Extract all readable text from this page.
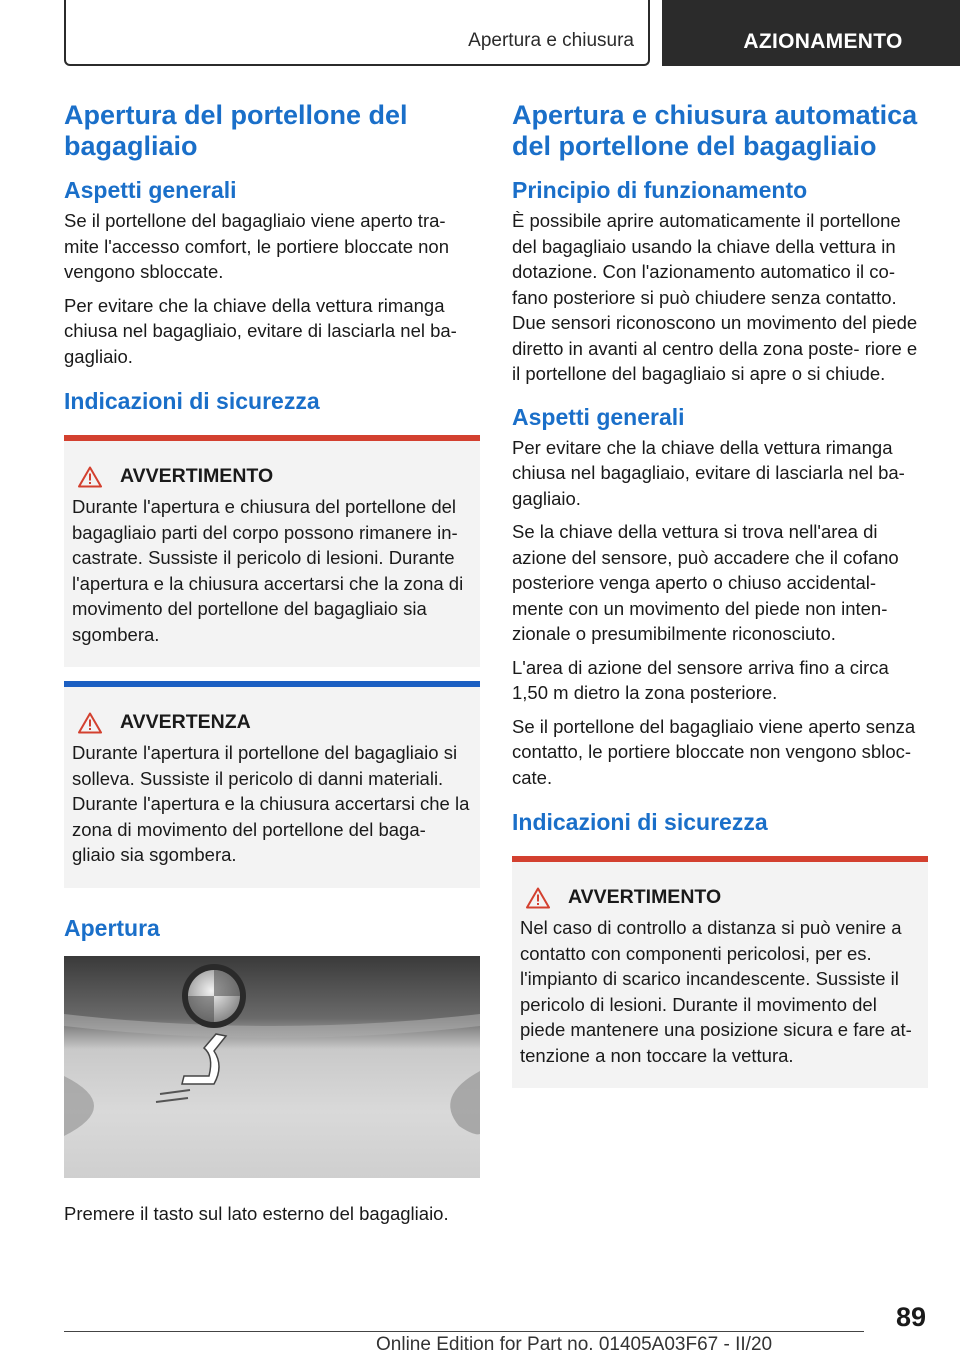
Apertura e chiusura	AZIONAMENTO
Apertura del portellone del bagagliaio
Aspetti generali

Se il portellone del bagagliaio viene aperto tra- mite l'accesso comfort, le portiere bloccate non vengono sbloccate.

Per evitare che la chiave della vettura rimanga chiusa nel bagagliaio, evitare di lasciarla nel ba- gagliaio.

Indicazioni di sicurezza
AVVERTIMENTO

Durante l'apertura e chiusura del portellone del bagagliaio parti del corpo possono rimanere in- castrate. Sussiste il pericolo di lesioni. Durante l'apertura e la chiusura accertarsi che la zona di movimento del portellone del bagagliaio sia sgombera.

AVVERTENZA

Durante l'apertura il portellone del bagagliaio si solleva. Sussiste il pericolo di danni materiali. Durante l'apertura e la chiusura accertarsi che la zona di movimento del portellone del baga- gliaio sia sgombera.

Apertura

Premere il tasto sul lato esterno del bagagliaio.

Apertura e chiusura automatica del portellone del bagagliaio
Principio di funzionamento

È possibile aprire automaticamente il portellone del bagagliaio usando la chiave della vettura in dotazione. Con l'azionamento automatico il co- fano posteriore si può chiudere senza contatto. Due sensori riconoscono un movimento del piede diretto in avanti al centro della zona poste- riore e il portellone del bagagliaio si apre o si chiude.

Aspetti generali

Per evitare che la chiave della vettura rimanga chiusa nel bagagliaio, evitare di lasciarla nel ba- gagliaio.

Se la chiave della vettura si trova nell'area di azione del sensore, può accadere che il cofano posteriore venga aperto o chiuso accidental- mente con un movimento del piede non inten- zionale o presumibilmente riconosciuto.

L'area di azione del sensore arriva fino a circa 1,50 m dietro la zona posteriore.

Se il portellone del bagagliaio viene aperto senza contatto, le portiere bloccate non vengono sbloc- cate.

Indicazioni di sicurezza
AVVERTIMENTO

Nel caso di controllo a distanza si può venire a contatto con componenti pericolosi, per es. l'impianto di scarico incandescente. Sussiste il pericolo di lesioni. Durante il movimento del piede mantenere una posizione sicura e fare at- tenzione a non toccare la vettura.

89
Online Edition for Part no. 01405A03F67 - II/20
